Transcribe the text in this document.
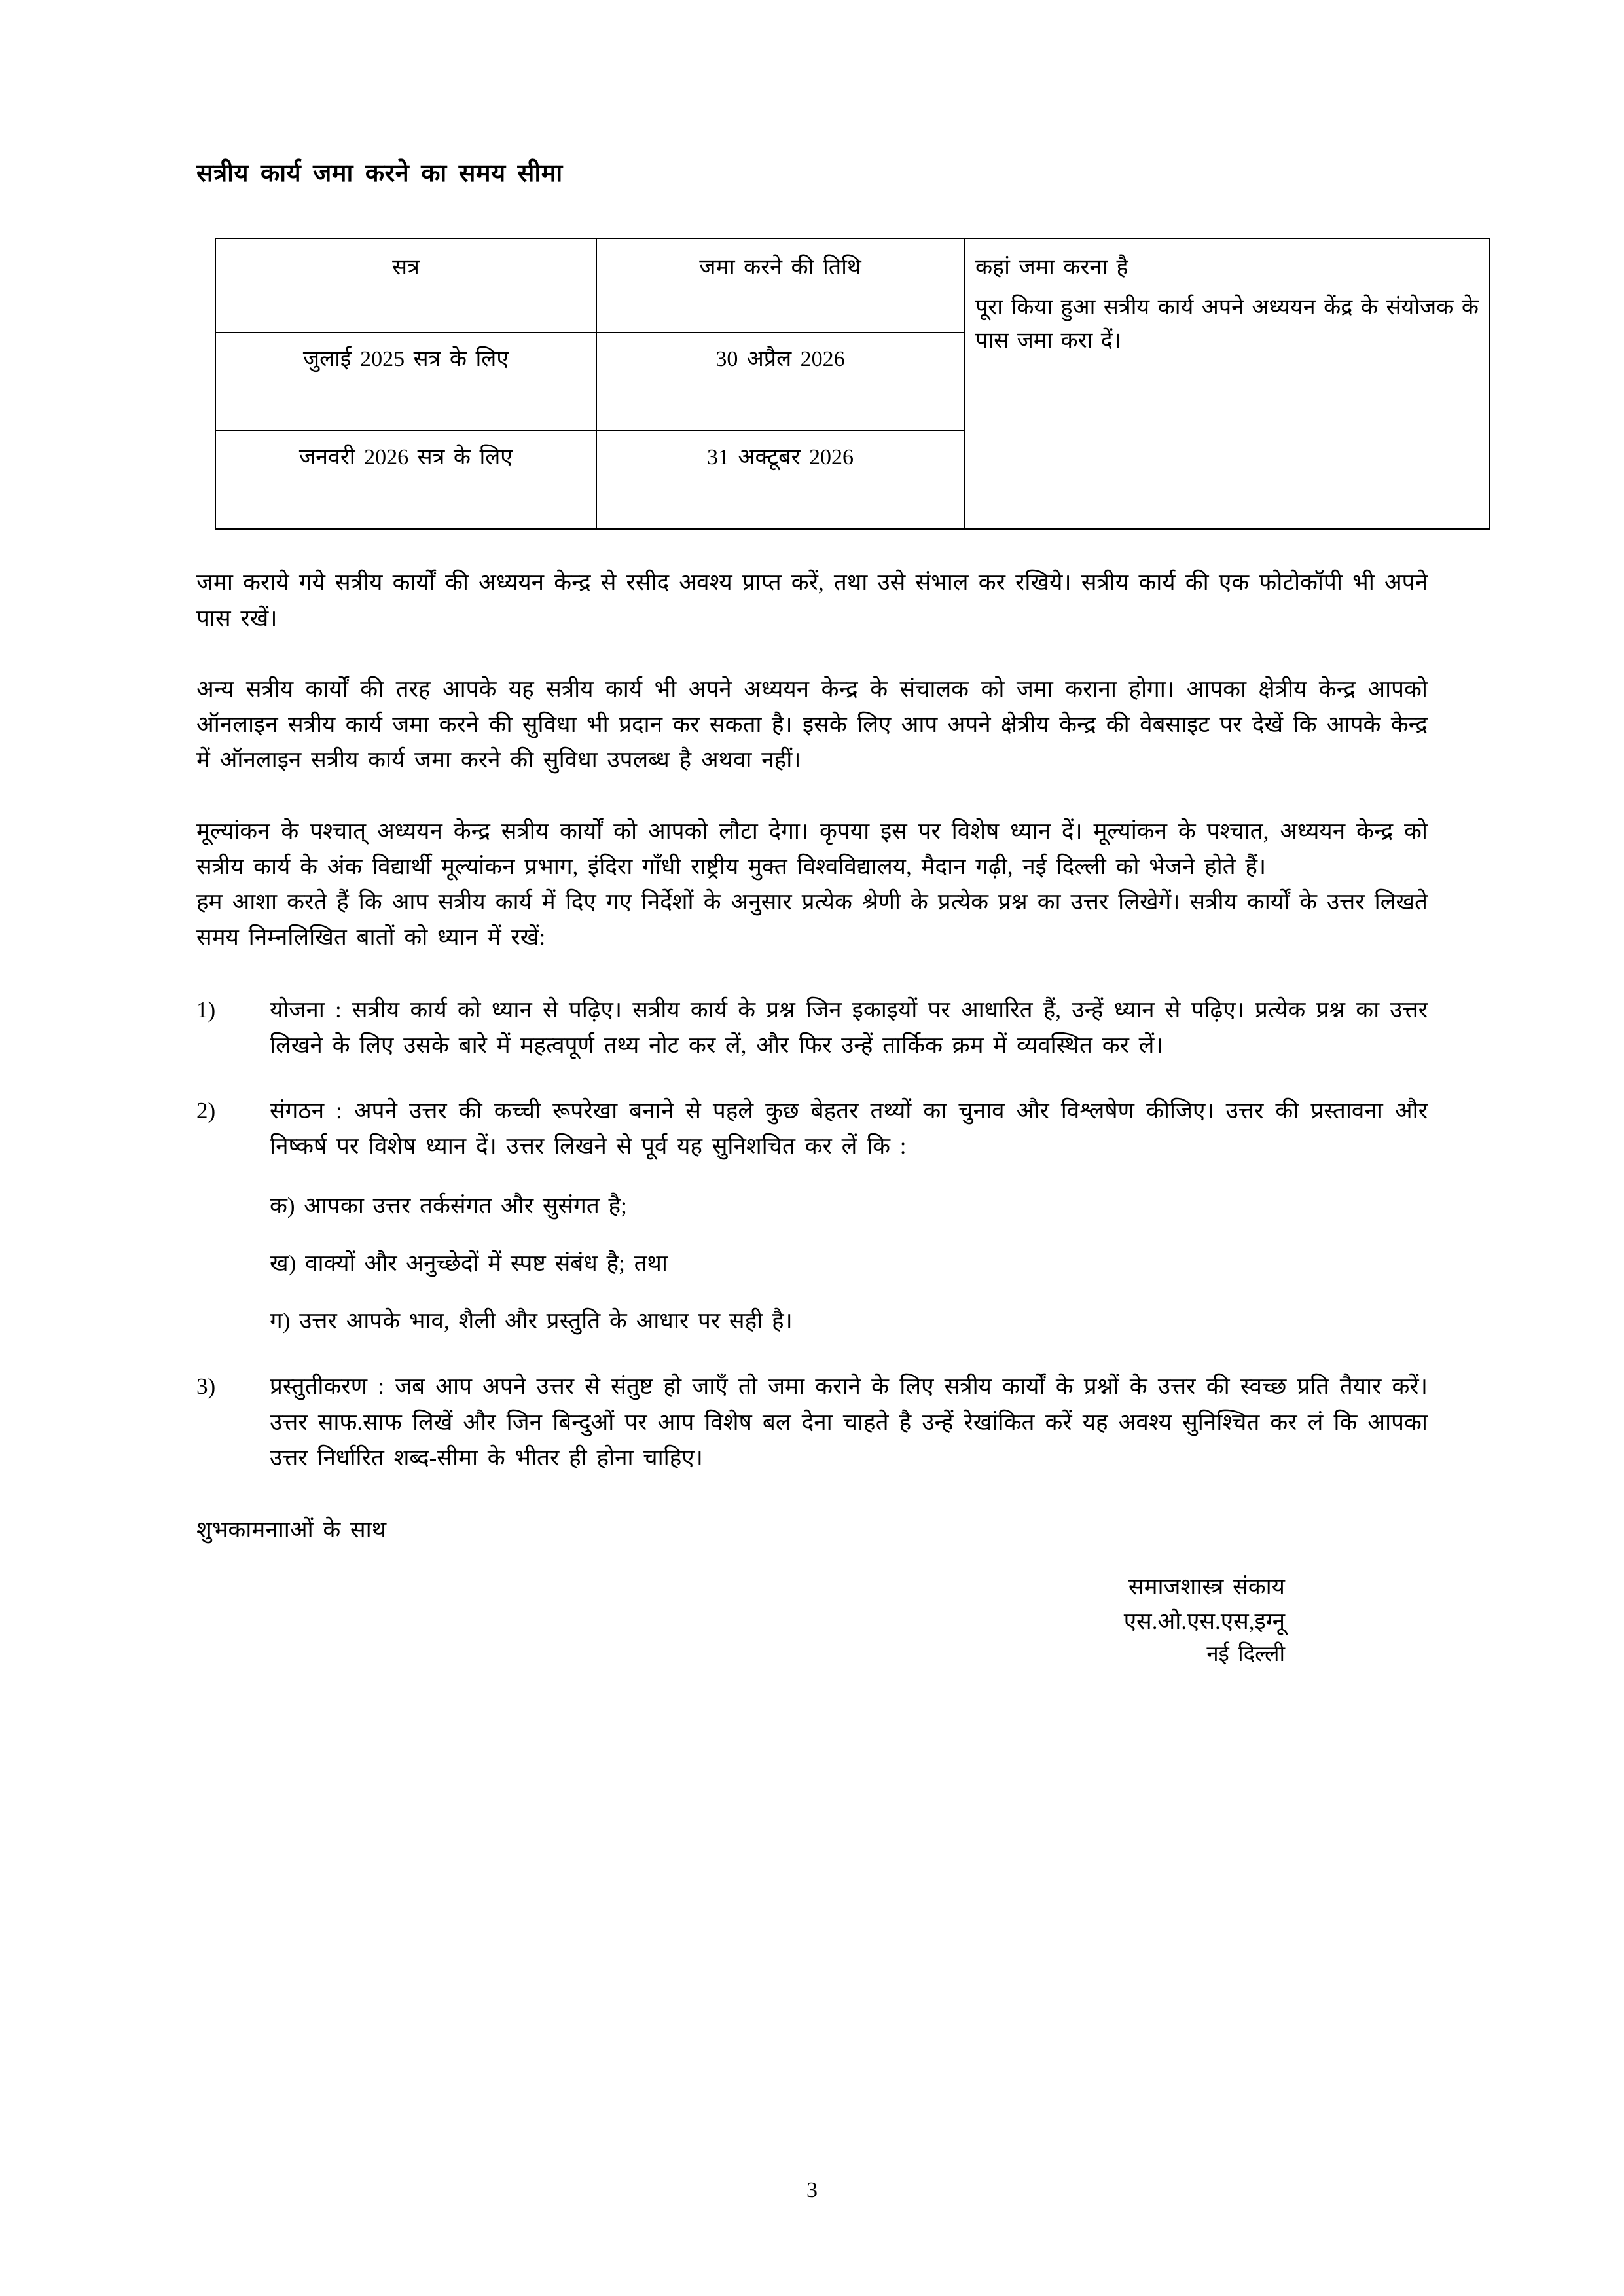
सत्रीय कार्य जमा करने का समय सीमा
सत्र	जमा करने की तिथि	कहां जमा करना है
पूरा किया हुआ सत्रीय कार्य अपने अध्ययन केंद्र के संयोजक के पास जमा करा दें।

जुलाई 2025 सत्र के लिए	30 अप्रैल 2026	
जनवरी 2026 सत्र के लिए	31 अक्टूबर 2026	

जमा कराये गये सत्रीय कार्यों की अध्ययन केन्द्र से रसीद अवश्य प्राप्त करें, तथा उसे संभाल कर रखिये। सत्रीय कार्य की एक फोटोकॉपी भी अपने पास रखें।

अन्य सत्रीय कार्यों की तरह आपके यह सत्रीय कार्य भी अपने अध्ययन केन्द्र के संचालक को जमा कराना होगा। आपका क्षेत्रीय केन्द्र आपको ऑनलाइन सत्रीय कार्य जमा करने की सुविधा भी प्रदान कर सकता है। इसके लिए आप अपने क्षेत्रीय केन्द्र की वेबसाइट पर देखें कि आपके केन्द्र में ऑनलाइन सत्रीय कार्य जमा करने की सुविधा उपलब्ध है अथवा नहीं।

मूल्यांकन के पश्चात् अध्ययन केन्द्र सत्रीय कार्यों को आपको लौटा देगा। कृपया इस पर विशेष ध्यान दें। मूल्यांकन के पश्चात, अध्ययन केन्द्र को सत्रीय कार्य के अंक विद्यार्थी मूल्यांकन प्रभाग, इंदिरा गाँधी राष्ट्रीय मुक्त विश्वविद्यालय, मैदान गढ़ी, नई दिल्ली को भेजने होते हैं।

हम आशा करते हैं कि आप सत्रीय कार्य में दिए गए निर्देशों के अनुसार प्रत्येक श्रेणी के प्रत्येक प्रश्न का उत्तर लिखेगें। सत्रीय कार्यों के उत्तर लिखते समय निम्नलिखित बातों को ध्यान में रखें:

1)	योजना : सत्रीय कार्य को ध्यान से पढ़िए। सत्रीय कार्य के प्रश्न जिन इकाइयों पर आधारित हैं, उन्हें ध्यान से पढ़िए। प्रत्येक प्रश्न का उत्तर लिखने के लिए उसके बारे में महत्वपूर्ण तथ्य नोट कर लें, और फिर उन्हें तार्किक क्रम में व्यवस्थित कर लें।
2)	संगठन : अपने उत्तर की कच्ची रूपरेखा बनाने से पहले कुछ बेहतर तथ्यों का चुनाव और विश्लषेण कीजिए। उत्तर की प्रस्तावना और निष्कर्ष पर विशेष ध्यान दें। उत्तर लिखने से पूर्व यह सुनिशचित कर लें कि :
क) आपका उत्तर तर्कसंगत और सुसंगत है;
ख) वाक्यों और अनुच्छेदों में स्पष्ट संबंध है; तथा
ग) उत्तर आपके भाव, शैली और प्रस्तुति के आधार पर सही है।
3)	प्रस्तुतीकरण : जब आप अपने उत्तर से संतुष्ट हो जाएँ तो जमा कराने के लिए सत्रीय कार्यों के प्रश्नों के उत्तर की स्वच्छ प्रति तैयार करें। उत्तर साफ.साफ लिखें और जिन बिन्दुओं पर आप विशेष बल देना चाहते है उन्हें रेखांकित करें यह अवश्य सुनिश्चित कर लं कि आपका उत्तर निर्धारित शब्द-सीमा के भीतर ही होना चाहिए।
शुभकामनााओं के साथ
समाजशास्त्र संकाय
एस.ओ.एस.एस,इग्नू
नई दिल्ली
3
